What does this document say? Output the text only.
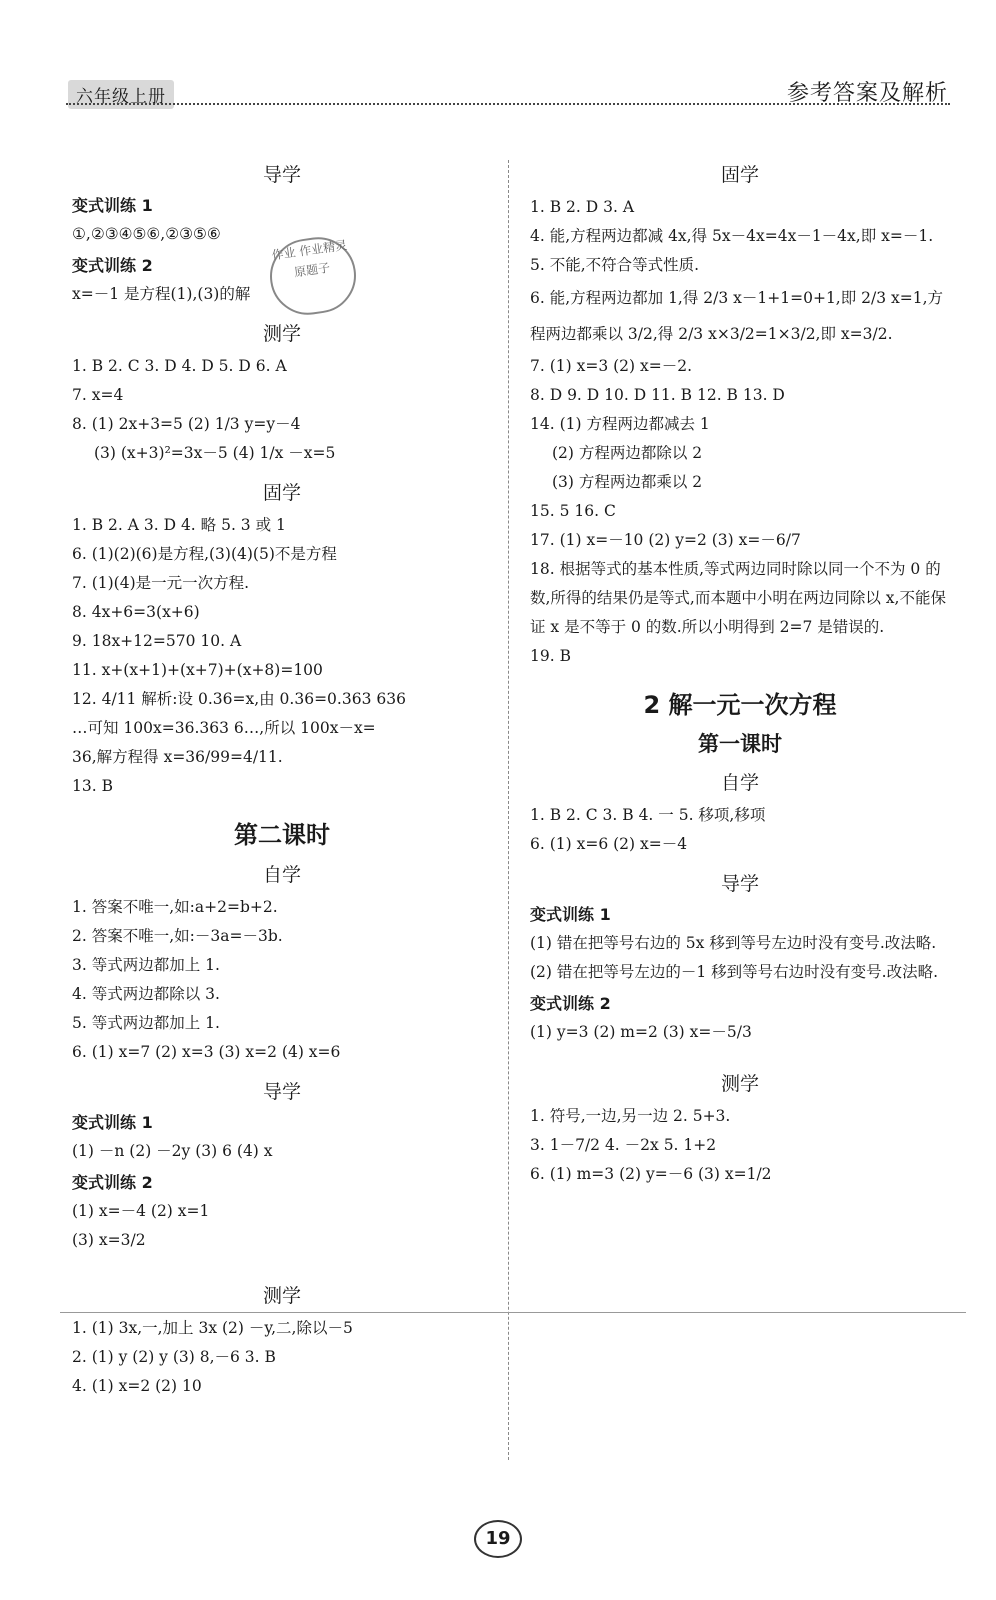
六年级上册	参考答案及解析
导学
变式训练 1
①,②③④⑤⑥,②③⑤⑥
变式训练 2
x=－1 是方程(1),(3)的解
测学
1. B 2. C 3. D 4. D 5. D 6. A
7. x=4
8. (1) 2x+3=5 (2) 1/3 y=y－4
(3) (x+3)²=3x－5 (4) 1/x －x=5
固学
1. B 2. A 3. D 4. 略 5. 3 或 1
6. (1)(2)(6)是方程,(3)(4)(5)不是方程
7. (1)(4)是一元一次方程.
8. 4x+6=3(x+6)
9. 18x+12=570 10. A
11. x+(x+1)+(x+7)+(x+8)=100
12. 4/11 解析:设 0.36=x,由 0.36=0.363 636
…可知 100x=36.363 6…,所以 100x－x=
36,解方程得 x=36/99=4/11.
13. B
第二课时
自学
1. 答案不唯一,如:a+2=b+2.
2. 答案不唯一,如:－3a=－3b.
3. 等式两边都加上 1.
4. 等式两边都除以 3.
5. 等式两边都加上 1.
6. (1) x=7 (2) x=3 (3) x=2 (4) x=6
导学
变式训练 1
(1) －n (2) －2y (3) 6 (4) x
变式训练 2
(1) x=－4 (2) x=1
(3) x=3/2
测学
1. (1) 3x,一,加上 3x (2) －y,二,除以－5
2. (1) y (2) y (3) 8,－6 3. B
4. (1) x=2 (2) 10
固学
1. B 2. D 3. A
4. 能,方程两边都减 4x,得 5x－4x=4x－1－4x,即 x=－1.
5. 不能,不符合等式性质.
6. 能,方程两边都加 1,得 2/3 x－1+1=0+1,即 2/3 x=1,方程两边都乘以 3/2,得 2/3 x×3/2=1×3/2,即 x=3/2.
7. (1) x=3 (2) x=－2.
8. D 9. D 10. D 11. B 12. B 13. D
14. (1) 方程两边都减去 1
(2) 方程两边都除以 2
(3) 方程两边都乘以 2
15. 5 16. C
17. (1) x=－10 (2) y=2 (3) x=－6/7
18. 根据等式的基本性质,等式两边同时除以同一个不为 0 的数,所得的结果仍是等式,而本题中小明在两边同除以 x,不能保证 x 是不等于 0 的数.所以小明得到 2=7 是错误的.
19. B
2 解一元一次方程
第一课时
自学
1. B 2. C 3. B 4. 一 5. 移项,移项
6. (1) x=6 (2) x=－4
导学
变式训练 1
(1) 错在把等号右边的 5x 移到等号左边时没有变号.改法略.
(2) 错在把等号左边的－1 移到等号右边时没有变号.改法略.
变式训练 2
(1) y=3 (2) m=2 (3) x=－5/3
测学
1. 符号,一边,另一边 2. 5+3.
3. 1－7/2 4. －2x 5. 1+2
6. (1) m=3 (2) y=－6 (3) x=1/2
作业 作业精灵原题子
19
